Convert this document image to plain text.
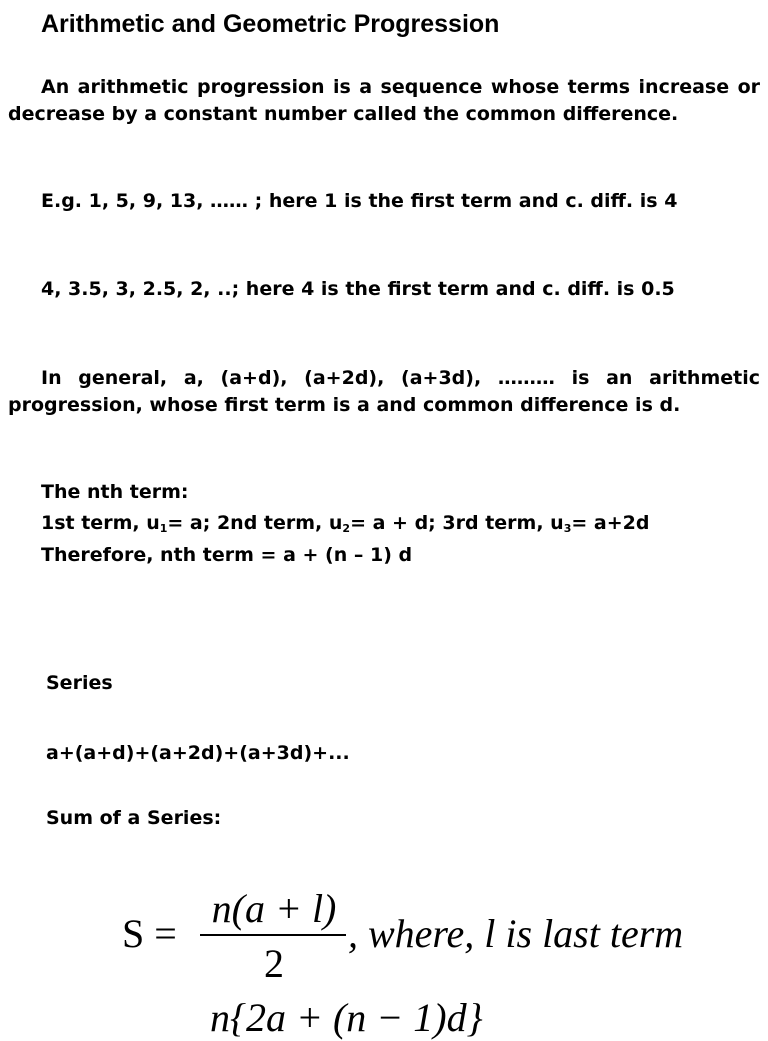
Arithmetic and Geometric Progression

An arithmetic progression is a sequence whose terms increase or decrease by a constant number called the common difference.

E.g. 1, 5, 9, 13, …… ; here 1 is the first term and c. diff. is 4

4, 3.5, 3, 2.5, 2, ..; here 4 is the first term and c. diff. is 0.5

In general, a, (a+d), (a+2d), (a+3d), ……… is an arithmetic progression, whose first term is a and common difference is d.

The nth term:
1st term, $u_1= a$; 2nd term, $u_2= a + d$; 3rd term, $u_3= a+2d$
Therefore, nth term = a + (n – 1) d
Series
a+(a+d)+(a+2d)+(a+3d)+...
Sum of a Series:
S =
n(a + l)
2
, where, l is last term
n{2a + (n − 1)d}
